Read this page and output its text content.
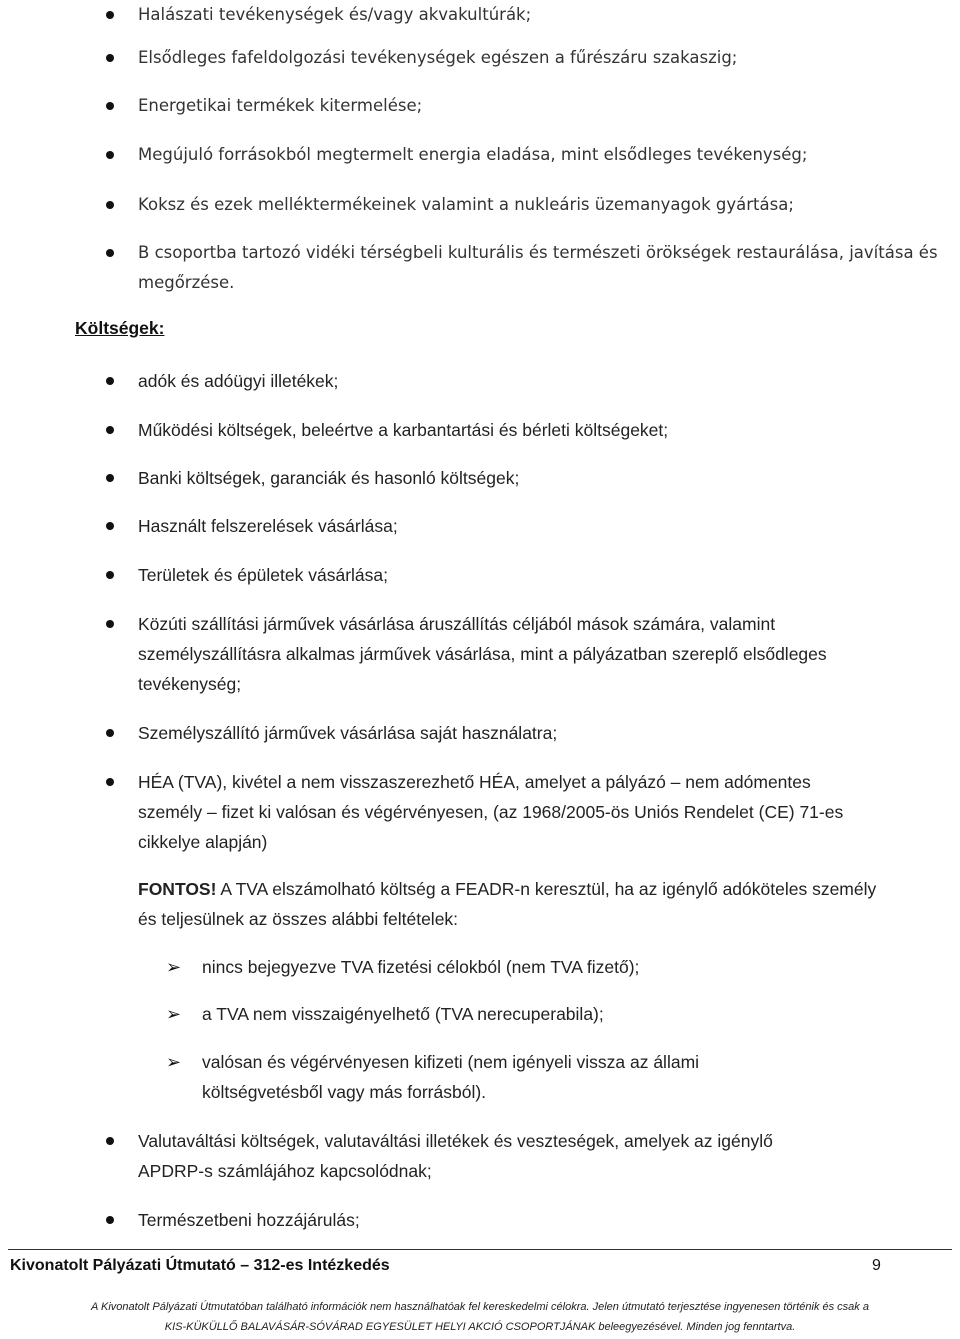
Halászati tevékenységek és/vagy akvakultúrák;
Elsődleges fafeldolgozási tevékenységek egészen a fűrészáru szakaszig;
Energetikai termékek kitermelése;
Megújuló forrásokból megtermelt energia eladása, mint elsődleges tevékenység;
Koksz és ezek melléktermékeinek valamint a nukleáris üzemanyagok gyártása;
B csoportba tartozó vidéki térségbeli kulturális és természeti örökségek restaurálása, javítása és megőrzése.
Költségek:
adók és adóügyi illetékek;
Működési költségek, beleértve a karbantartási és bérleti költségeket;
Banki költségek, garanciák és hasonló költségek;
Használt felszerelések vásárlása;
Területek és épületek vásárlása;
Közúti szállítási járművek vásárlása áruszállítás céljából mások számára, valamint személyszállításra alkalmas járművek vásárlása, mint a pályázatban szereplő elsődleges tevékenység;
Személyszállító járművek vásárlása saját használatra;
HÉA (TVA), kivétel a nem visszaszerezhető HÉA, amelyet a pályázó – nem adómentes személy – fizet ki valósan és végérvényesen, (az 1968/2005-ös Uniós Rendelet (CE) 71-es cikkelye alapján)
FONTOS! A TVA elszámolható költség a FEADR-n keresztül, ha az igénylő adóköteles személy és teljesülnek az összes alábbi feltételek:
➢ nincs bejegyezve TVA fizetési célokból (nem TVA fizető);
➢ a TVA nem visszaigényelhető (TVA nerecuperabila);
➢ valósan és végérvényesen kifizeti (nem igényeli vissza az állami költségvetésből vagy más forrásból).
Valutaváltási költségek, valutaváltási illetékek és veszteségek, amelyek az igénylő APDRP-s számlájához kapcsolódnak;
Természetbeni hozzájárulás;
Kivonatolt Pályázati Útmutató – 312-es Intézkedés	9
A Kivonatolt Pályázati Útmutatóban található információk nem használhatóak fel kereskedelmi célokra. Jelen útmutató terjesztése ingyenesen történik és csak a
KIS-KÜKÜLLŐ BALAVÁSÁR-SÓVÁRAD EGYESÜLET HELYI AKCIÓ CSOPORTJÁNAK beleegyezésével. Minden jog fenntartva.
